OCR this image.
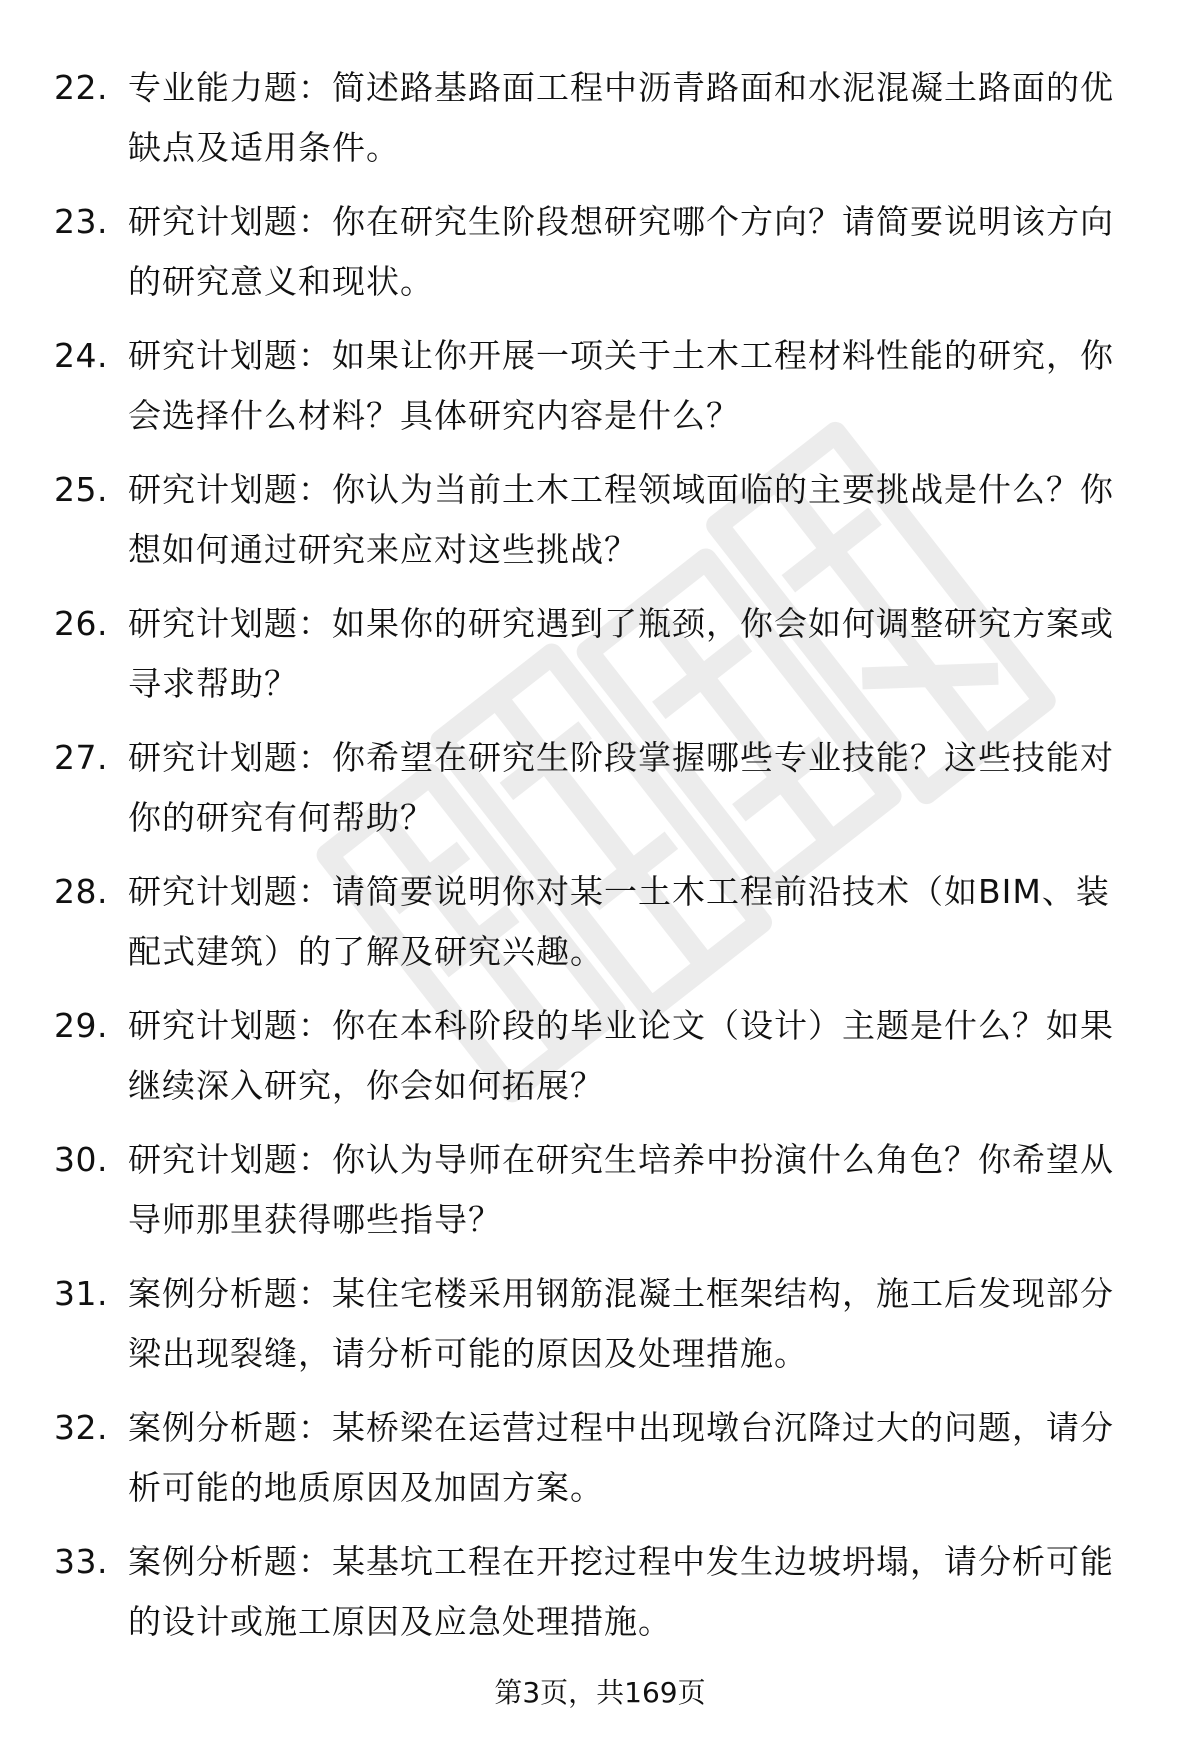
22. 专业能力题：简述路基路面工程中沥青路面和水泥混凝土路面的优缺点及适用条件。
23. 研究计划题：你在研究生阶段想研究哪个方向？请简要说明该方向的研究意义和现状。
24. 研究计划题：如果让你开展一项关于土木工程材料性能的研究，你会选择什么材料？具体研究内容是什么？
25. 研究计划题：你认为当前土木工程领域面临的主要挑战是什么？你想如何通过研究来应对这些挑战？
26. 研究计划题：如果你的研究遇到了瓶颈，你会如何调整研究方案或寻求帮助？
27. 研究计划题：你希望在研究生阶段掌握哪些专业技能？这些技能对你的研究有何帮助？
28. 研究计划题：请简要说明你对某一土木工程前沿技术（如BIM、装配式建筑）的了解及研究兴趣。
29. 研究计划题：你在本科阶段的毕业论文（设计）主题是什么？如果继续深入研究，你会如何拓展？
30. 研究计划题：你认为导师在研究生培养中扮演什么角色？你希望从导师那里获得哪些指导？
31. 案例分析题：某住宅楼采用钢筋混凝土框架结构，施工后发现部分梁出现裂缝，请分析可能的原因及处理措施。
32. 案例分析题：某桥梁在运营过程中出现墩台沉降过大的问题，请分析可能的地质原因及加固方案。
33. 案例分析题：某基坑工程在开挖过程中发生边坡坍塌，请分析可能的设计或施工原因及应急处理措施。
第3页，共169页
